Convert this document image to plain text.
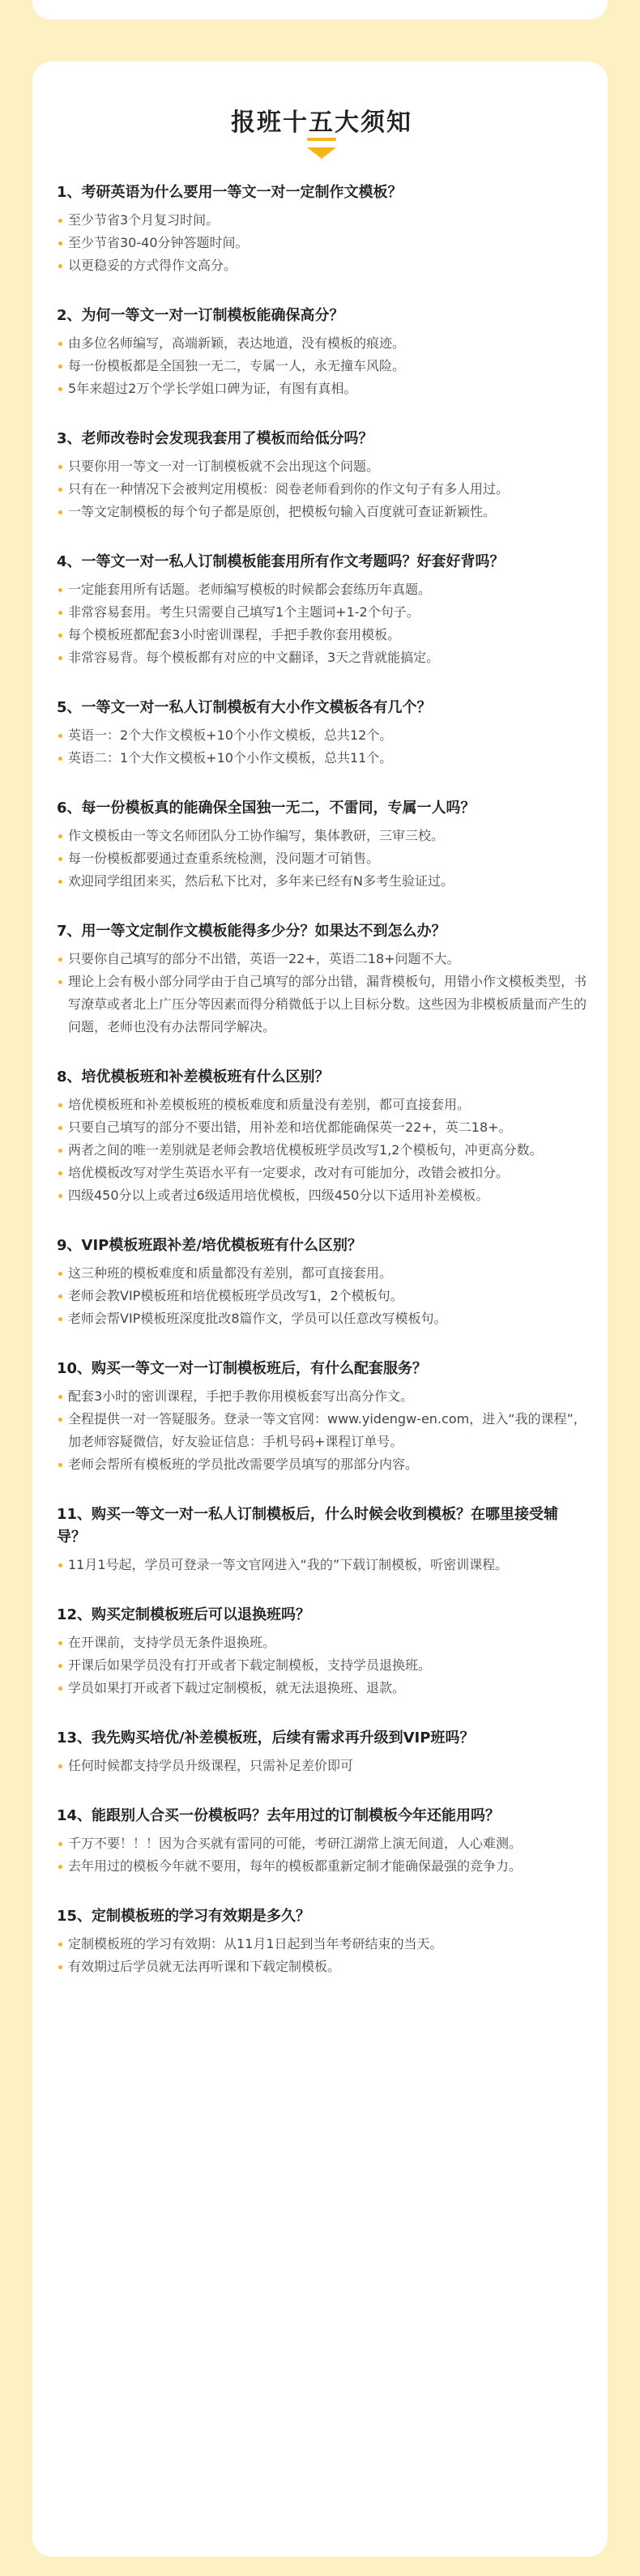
报班十五大须知

1、考研英语为什么要用一等文一对一定制作文模板？

至少节省3个月复习时间。
至少节省30-40分钟答题时间。
以更稳妥的方式得作文高分。

2、为何一等文一对一订制模板能确保高分？

由多位名师编写，高端新颖，表达地道，没有模板的痕迹。
每一份模板都是全国独一无二，专属一人，永无撞车风险。
5年来超过2万个学长学姐口碑为证，有图有真相。

3、老师改卷时会发现我套用了模板而给低分吗？

只要你用一等文一对一订制模板就不会出现这个问题。
只有在一种情况下会被判定用模板：阅卷老师看到你的作文句子有多人用过。
一等文定制模板的每个句子都是原创，把模板句输入百度就可查证新颖性。

4、一等文一对一私人订制模板能套用所有作文考题吗？好套好背吗？

一定能套用所有话题。老师编写模板的时候都会套练历年真题。
非常容易套用。考生只需要自己填写1个主题词+1-2个句子。
每个模板班都配套3小时密训课程，手把手教你套用模板。
非常容易背。每个模板都有对应的中文翻译，3天之背就能搞定。

5、一等文一对一私人订制模板有大小作文模板各有几个？

英语一：2个大作文模板+10个小作文模板，总共12个。
英语二：1个大作文模板+10个小作文模板，总共11个。

6、每一份模板真的能确保全国独一无二，不雷同，专属一人吗？

作文模板由一等文名师团队分工协作编写，集体教研，三审三校。
每一份模板都要通过查重系统检测，没问题才可销售。
欢迎同学组团来买，然后私下比对，多年来已经有N多考生验证过。

7、用一等文定制作文模板能得多少分？如果达不到怎么办？

只要你自己填写的部分不出错，英语一22+，英语二18+问题不大。
理论上会有极小部分同学由于自己填写的部分出错，漏背模板句，用错小作文模板类型，书写潦草或者北上广压分等因素而得分稍微低于以上目标分数。这些因为非模板质量而产生的问题，老师也没有办法帮同学解决。

8、培优模板班和补差模板班有什么区别？

培优模板班和补差模板班的模板难度和质量没有差别，都可直接套用。
只要自己填写的部分不要出错，用补差和培优都能确保英一22+，英二18+。
两者之间的唯一差别就是老师会教培优模板班学员改写1,2个模板句，冲更高分数。
培优模板改写对学生英语水平有一定要求，改对有可能加分，改错会被扣分。
四级450分以上或者过6级适用培优模板，四级450分以下适用补差模板。

9、VIP模板班跟补差/培优模板班有什么区别？

这三种班的模板难度和质量都没有差别，都可直接套用。
老师会教VIP模板班和培优模板班学员改写1，2个模板句。
老师会帮VIP模板班深度批改8篇作文，学员可以任意改写模板句。

10、购买一等文一对一订制模板班后，有什么配套服务？

配套3小时的密训课程，手把手教你用模板套写出高分作文。
全程提供一对一答疑服务。登录一等文官网：www.yidengw-en.com，进入“我的课程”，加老师容疑微信，好友验证信息：手机号码+课程订单号。
老师会帮所有模板班的学员批改需要学员填写的那部分内容。

11、购买一等文一对一私人订制模板后，什么时候会收到模板？在哪里接受辅导？

11月1号起，学员可登录一等文官网进入“我的”下载订制模板，听密训课程。

12、购买定制模板班后可以退换班吗？

在开课前，支持学员无条件退换班。
开课后如果学员没有打开或者下载定制模板，支持学员退换班。
学员如果打开或者下载过定制模板，就无法退换班、退款。

13、我先购买培优/补差模板班，后续有需求再升级到VIP班吗？

任何时候都支持学员升级课程，只需补足差价即可

14、能跟别人合买一份模板吗？去年用过的订制模板今年还能用吗？

千万不要！！！因为合买就有雷同的可能，考研江湖常上演无间道，人心难测。
去年用过的模板今年就不要用，每年的模板都重新定制才能确保最强的竞争力。

15、定制模板班的学习有效期是多久？

定制模板班的学习有效期：从11月1日起到当年考研结束的当天。
有效期过后学员就无法再听课和下载定制模板。
